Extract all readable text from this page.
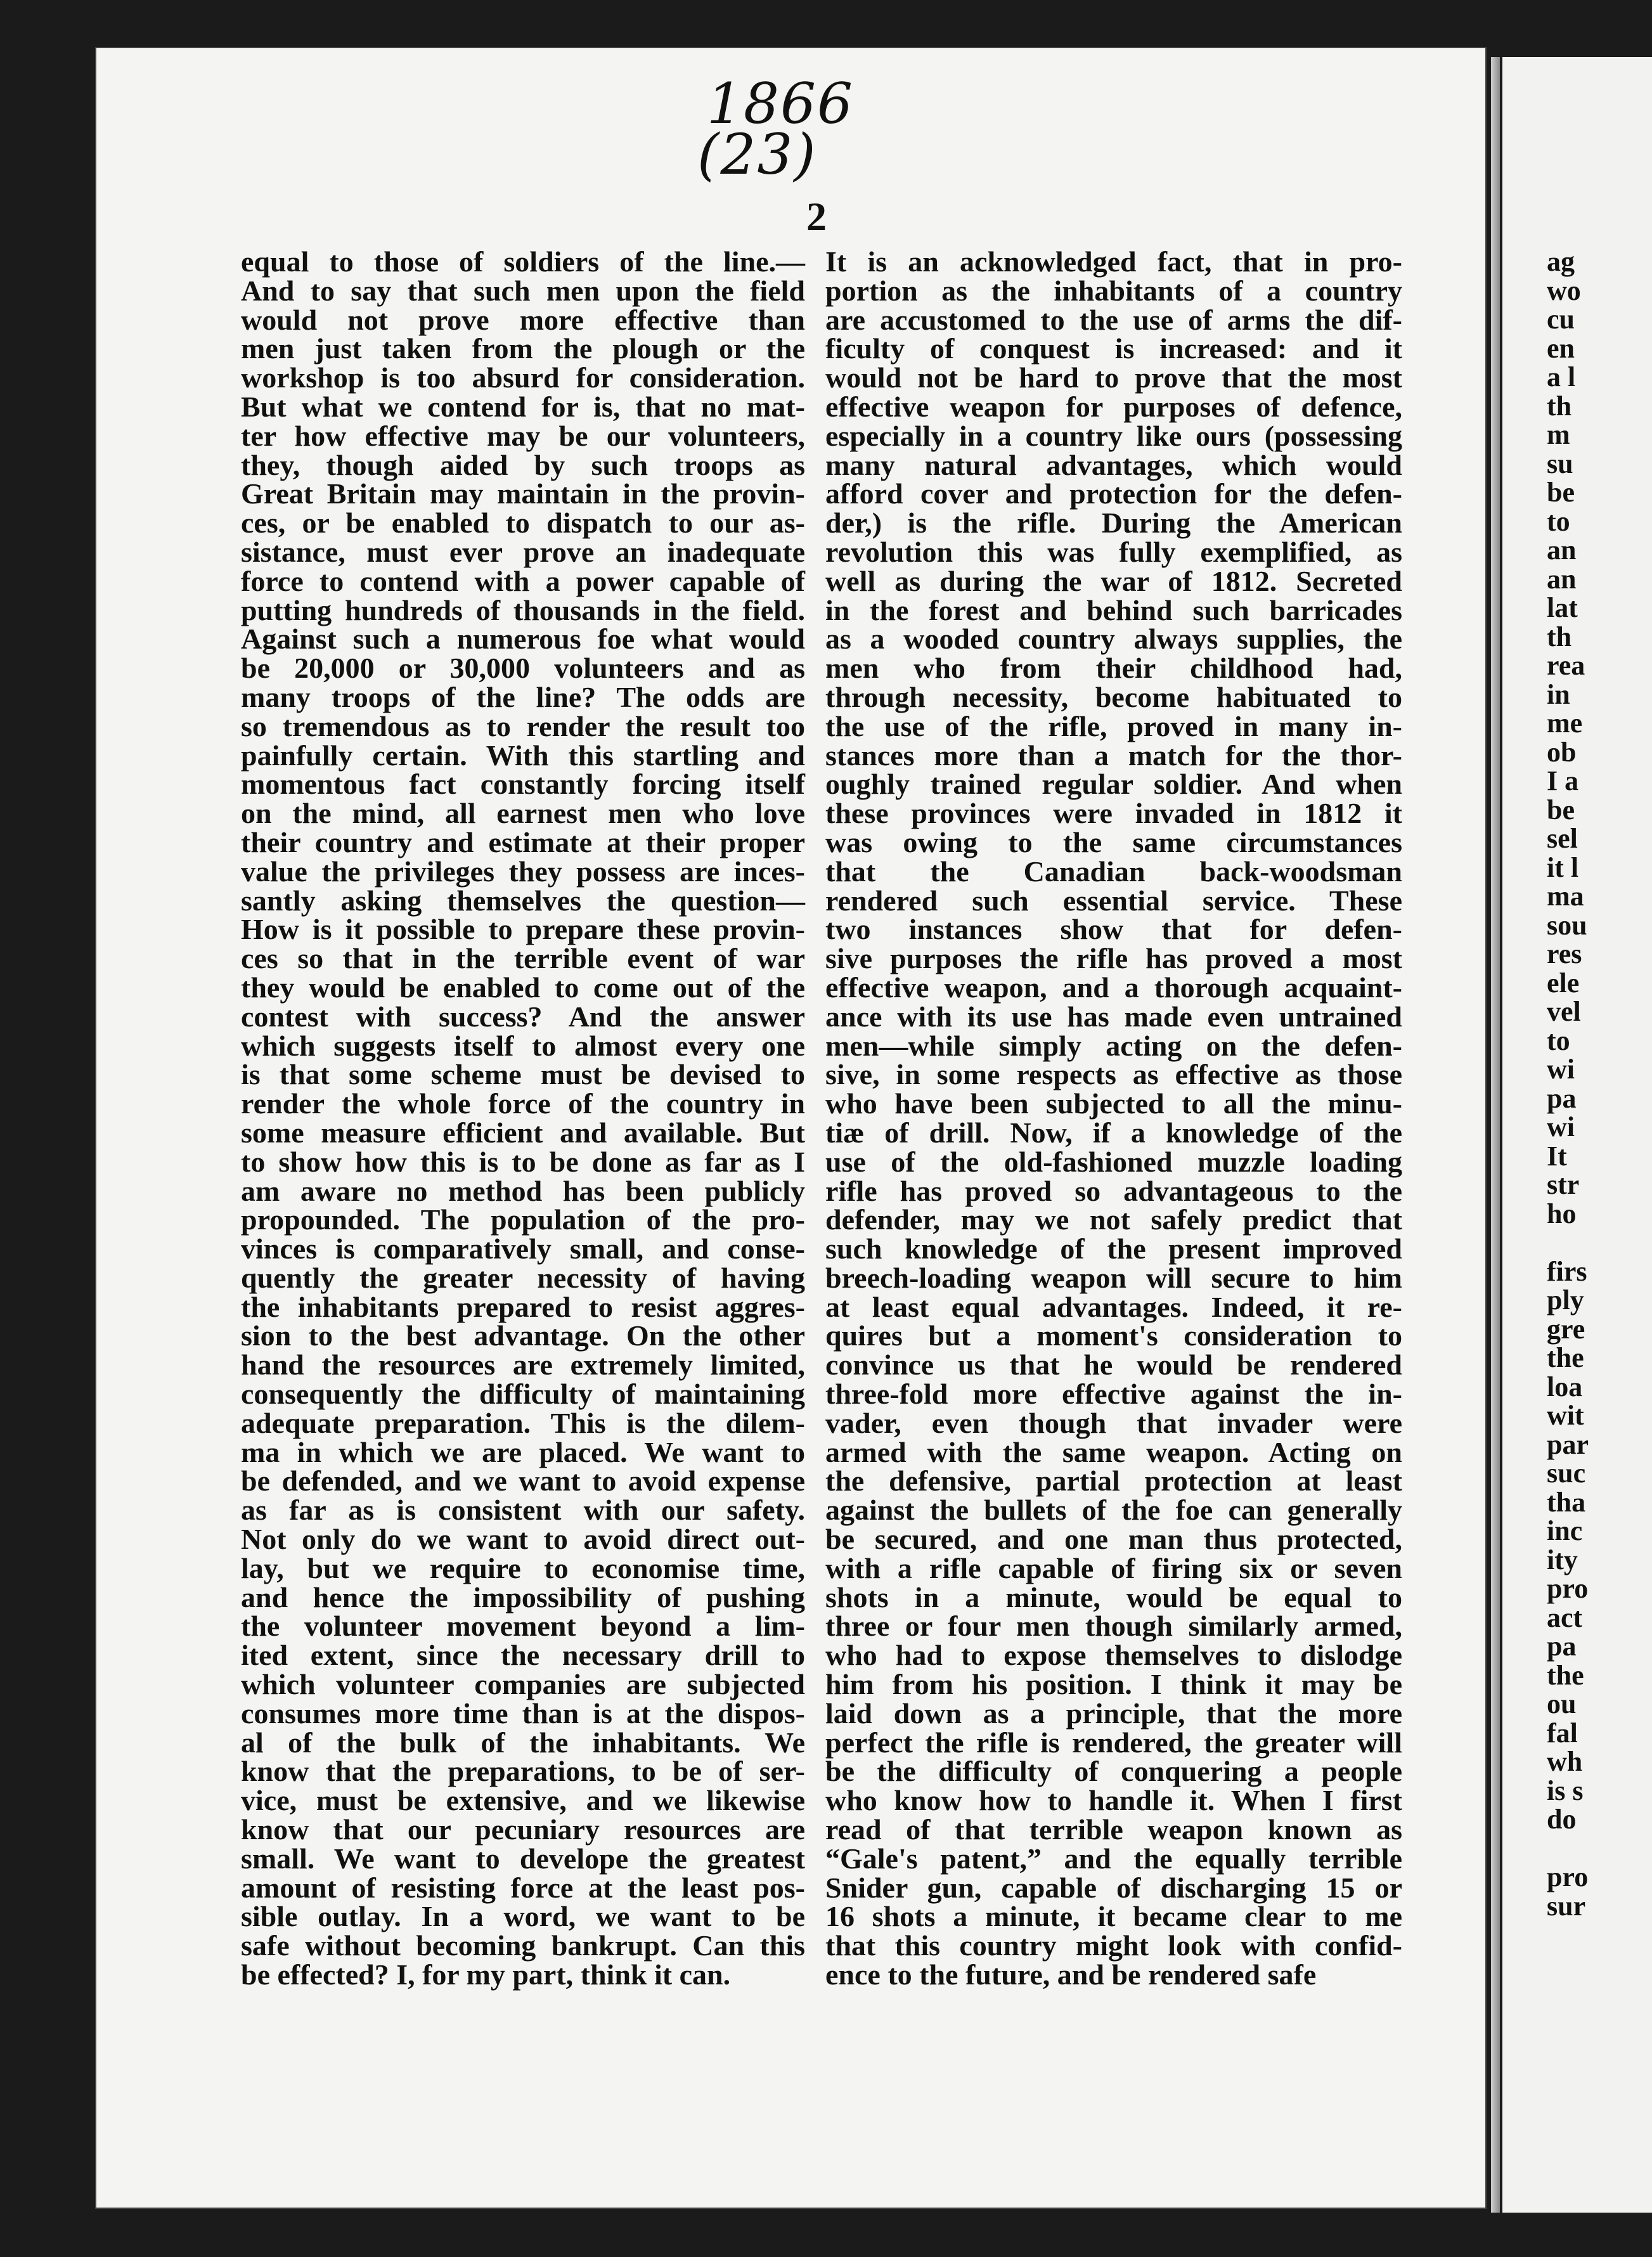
ag
wo
cu
en
a l
th
m
su
be
to
an
an
lat
th
rea
in
me
ob
I a
be
sel
it l
ma
sou
res
ele
vel
to
wi
pa
wi
It
str
ho
firs
ply
gre
the
loa
wit
par
suc
tha
inc
ity
pro
act
pa
the
ou
fal
wh
is s
do
pro
sur
1866
(23)
2
equal to those of soldiers of the line.—
And to say that such men upon the field
would not prove more effective than
men just taken from the plough or the
workshop is too absurd for consideration.
But what we contend for is, that no mat-
ter how effective may be our volunteers,
they, though aided by such troops as
Great Britain may maintain in the provin-
ces, or be enabled to dispatch to our as-
sistance, must ever prove an inadequate
force to contend with a power capable of
putting hundreds of thousands in the field.
Against such a numerous foe what would
be 20,000 or 30,000 volunteers and as
many troops of the line? The odds are
so tremendous as to render the result too
painfully certain. With this startling and
momentous fact constantly forcing itself
on the mind, all earnest men who love
their country and estimate at their proper
value the privileges they possess are inces-
santly asking themselves the question—
How is it possible to prepare these provin-
ces so that in the terrible event of war
they would be enabled to come out of the
contest with success? And the answer
which suggests itself to almost every one
is that some scheme must be devised to
render the whole force of the country in
some measure efficient and available. But
to show how this is to be done as far as I
am aware no method has been publicly
propounded. The population of the pro-
vinces is comparatively small, and conse-
quently the greater necessity of having
the inhabitants prepared to resist aggres-
sion to the best advantage. On the other
hand the resources are extremely limited,
consequently the difficulty of maintaining
adequate preparation. This is the dilem-
ma in which we are placed. We want to
be defended, and we want to avoid expense
as far as is consistent with our safety.
Not only do we want to avoid direct out-
lay, but we require to economise time,
and hence the impossibility of pushing
the volunteer movement beyond a lim-
ited extent, since the necessary drill to
which volunteer companies are subjected
consumes more time than is at the dispos-
al of the bulk of the inhabitants. We
know that the preparations, to be of ser-
vice, must be extensive, and we likewise
know that our pecuniary resources are
small. We want to develope the greatest
amount of resisting force at the least pos-
sible outlay. In a word, we want to be
safe without becoming bankrupt. Can this
be effected? I, for my part, think it can.
It is an acknowledged fact, that in pro-
portion as the inhabitants of a country
are accustomed to the use of arms the dif-
ficulty of conquest is increased: and it
would not be hard to prove that the most
effective weapon for purposes of defence,
especially in a country like ours (possessing
many natural advantages, which would
afford cover and protection for the defen-
der,) is the rifle. During the American
revolution this was fully exemplified, as
well as during the war of 1812. Secreted
in the forest and behind such barricades
as a wooded country always supplies, the
men who from their childhood had,
through necessity, become habituated to
the use of the rifle, proved in many in-
stances more than a match for the thor-
oughly trained regular soldier. And when
these provinces were invaded in 1812 it
was owing to the same circumstances
that the Canadian back-woodsman
rendered such essential service. These
two instances show that for defen-
sive purposes the rifle has proved a most
effective weapon, and a thorough acquaint-
ance with its use has made even untrained
men—while simply acting on the defen-
sive, in some respects as effective as those
who have been subjected to all the minu-
tiæ of drill. Now, if a knowledge of the
use of the old-fashioned muzzle loading
rifle has proved so advantageous to the
defender, may we not safely predict that
such knowledge of the present improved
breech-loading weapon will secure to him
at least equal advantages. Indeed, it re-
quires but a moment's consideration to
convince us that he would be rendered
three-fold more effective against the in-
vader, even though that invader were
armed with the same weapon. Acting on
the defensive, partial protection at least
against the bullets of the foe can generally
be secured, and one man thus protected,
with a rifle capable of firing six or seven
shots in a minute, would be equal to
three or four men though similarly armed,
who had to expose themselves to dislodge
him from his position. I think it may be
laid down as a principle, that the more
perfect the rifle is rendered, the greater will
be the difficulty of conquering a people
who know how to handle it. When I first
read of that terrible weapon known as
“Gale's patent,” and the equally terrible
Snider gun, capable of discharging 15 or
16 shots a minute, it became clear to me
that this country might look with confid-
ence to the future, and be rendered safe
